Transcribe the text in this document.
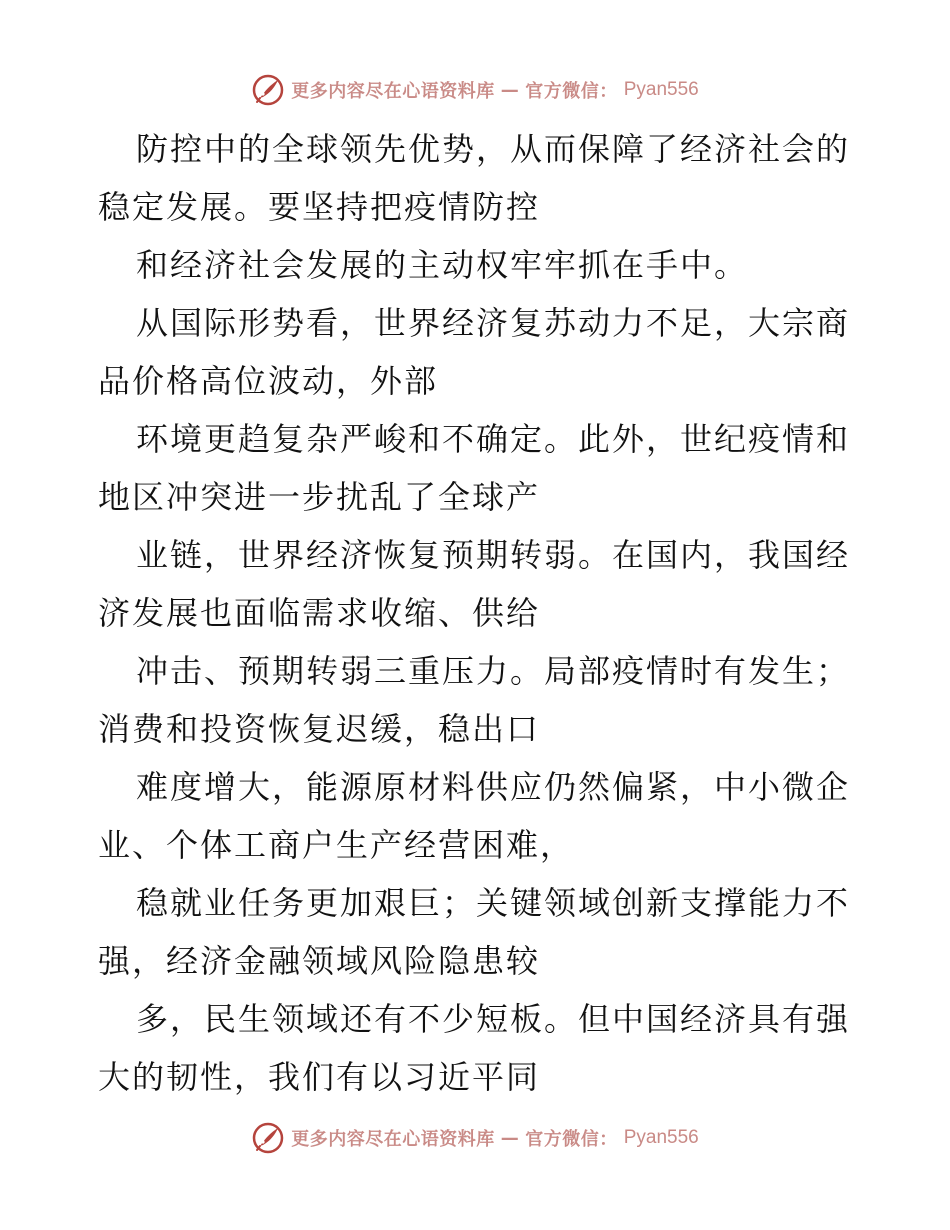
更多内容尽在心语资料库 — 官方微信： Pyan556
防控中的全球领先优势，从而保障了经济社会的
稳定发展。要坚持把疫情防控
和经济社会发展的主动权牢牢抓在手中。
从国际形势看，世界经济复苏动力不足，大宗商
品价格高位波动，外部
环境更趋复杂严峻和不确定。此外，世纪疫情和
地区冲突进一步扰乱了全球产
业链，世界经济恢复预期转弱。在国内，我国经
济发展也面临需求收缩、供给
冲击、预期转弱三重压力。局部疫情时有发生；
消费和投资恢复迟缓，稳出口
难度增大，能源原材料供应仍然偏紧，中小微企
业、个体工商户生产经营困难，
稳就业任务更加艰巨；关键领域创新支撑能力不
强，经济金融领域风险隐患较
多，民生领域还有不少短板。但中国经济具有强
大的韧性，我们有以习近平同
更多内容尽在心语资料库 — 官方微信： Pyan556
